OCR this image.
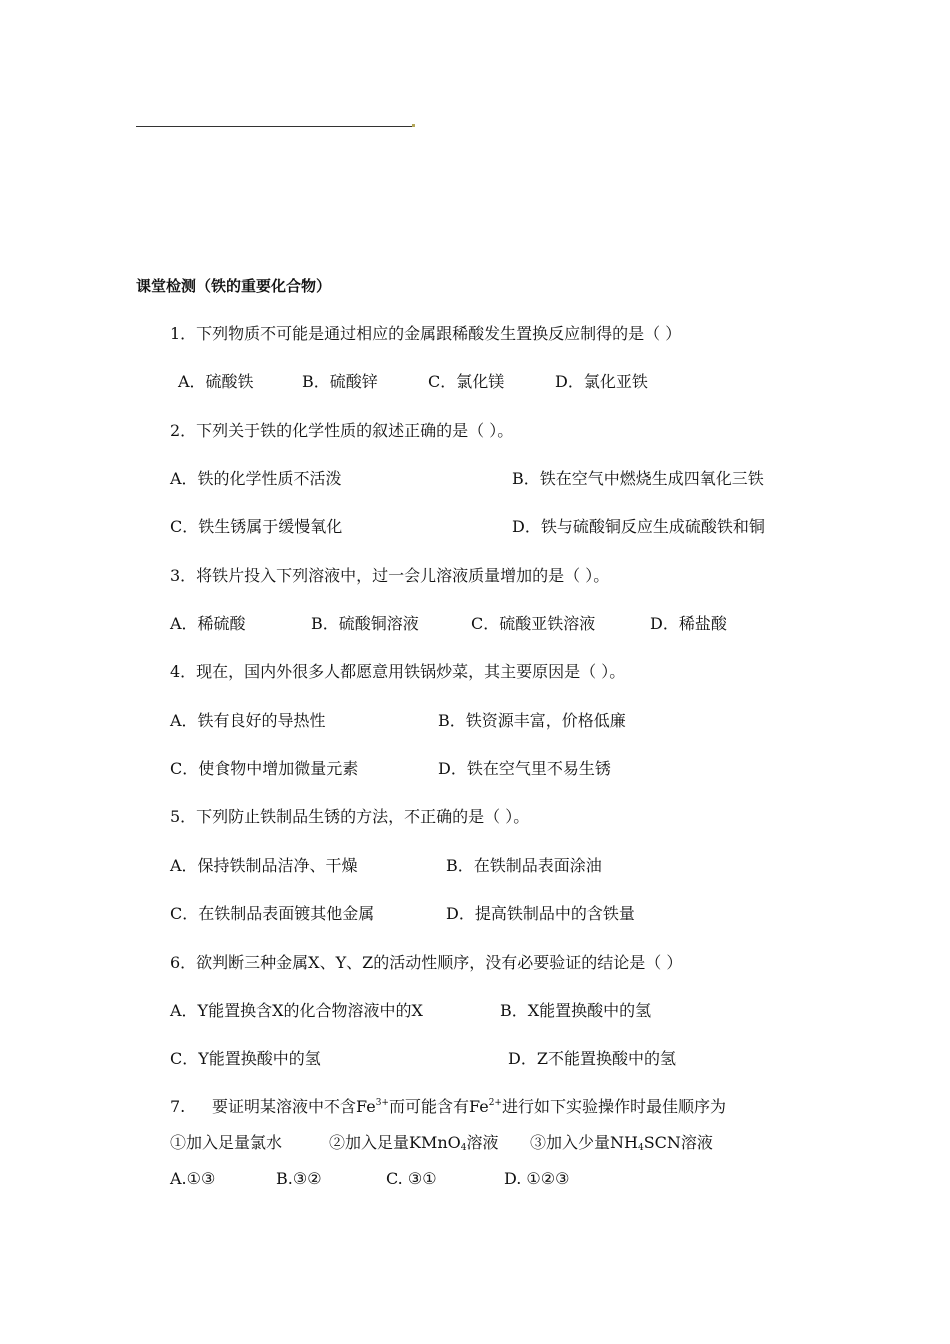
课堂检测（铁的重要化合物）
1．下列物质不可能是通过相应的金属跟稀酸发生置换反应制得的是（ ）
A．硫酸铁	B．硫酸锌	C．氯化镁	D．氯化亚铁
2．下列关于铁的化学性质的叙述正确的是（ ）。
A．铁的化学性质不活泼	B．铁在空气中燃烧生成四氧化三铁
C．铁生锈属于缓慢氧化	D．铁与硫酸铜反应生成硫酸铁和铜
3．将铁片投入下列溶液中，过一会儿溶液质量增加的是（ ）。
A．稀硫酸	B．硫酸铜溶液	C．硫酸亚铁溶液	D．稀盐酸
4．现在，国内外很多人都愿意用铁锅炒菜，其主要原因是（ ）。
A．铁有良好的导热性	B．铁资源丰富，价格低廉
C．使食物中增加微量元素	D．铁在空气里不易生锈
5．下列防止铁制品生锈的方法，不正确的是（ ）。
A．保持铁制品洁净、干燥	B．在铁制品表面涂油
C．在铁制品表面镀其他金属	D．提高铁制品中的含铁量
6．欲判断三种金属X、Y、Z的活动性顺序，没有必要验证的结论是（ ）
A．Y能置换含X的化合物溶液中的X	B．X能置换酸中的氢
C．Y能置换酸中的氢	D．Z不能置换酸中的氢
7. 要证明某溶液中不含$Fe^{3+}$而可能含有$Fe^{2+}$进行如下实验操作时最佳顺序为
①加入足量氯水	②加入足量KMnO$_4$溶液 ③加入少量$NH_4SCN$溶液
A.①③	B.③②	C. ③①	D. ①②③
